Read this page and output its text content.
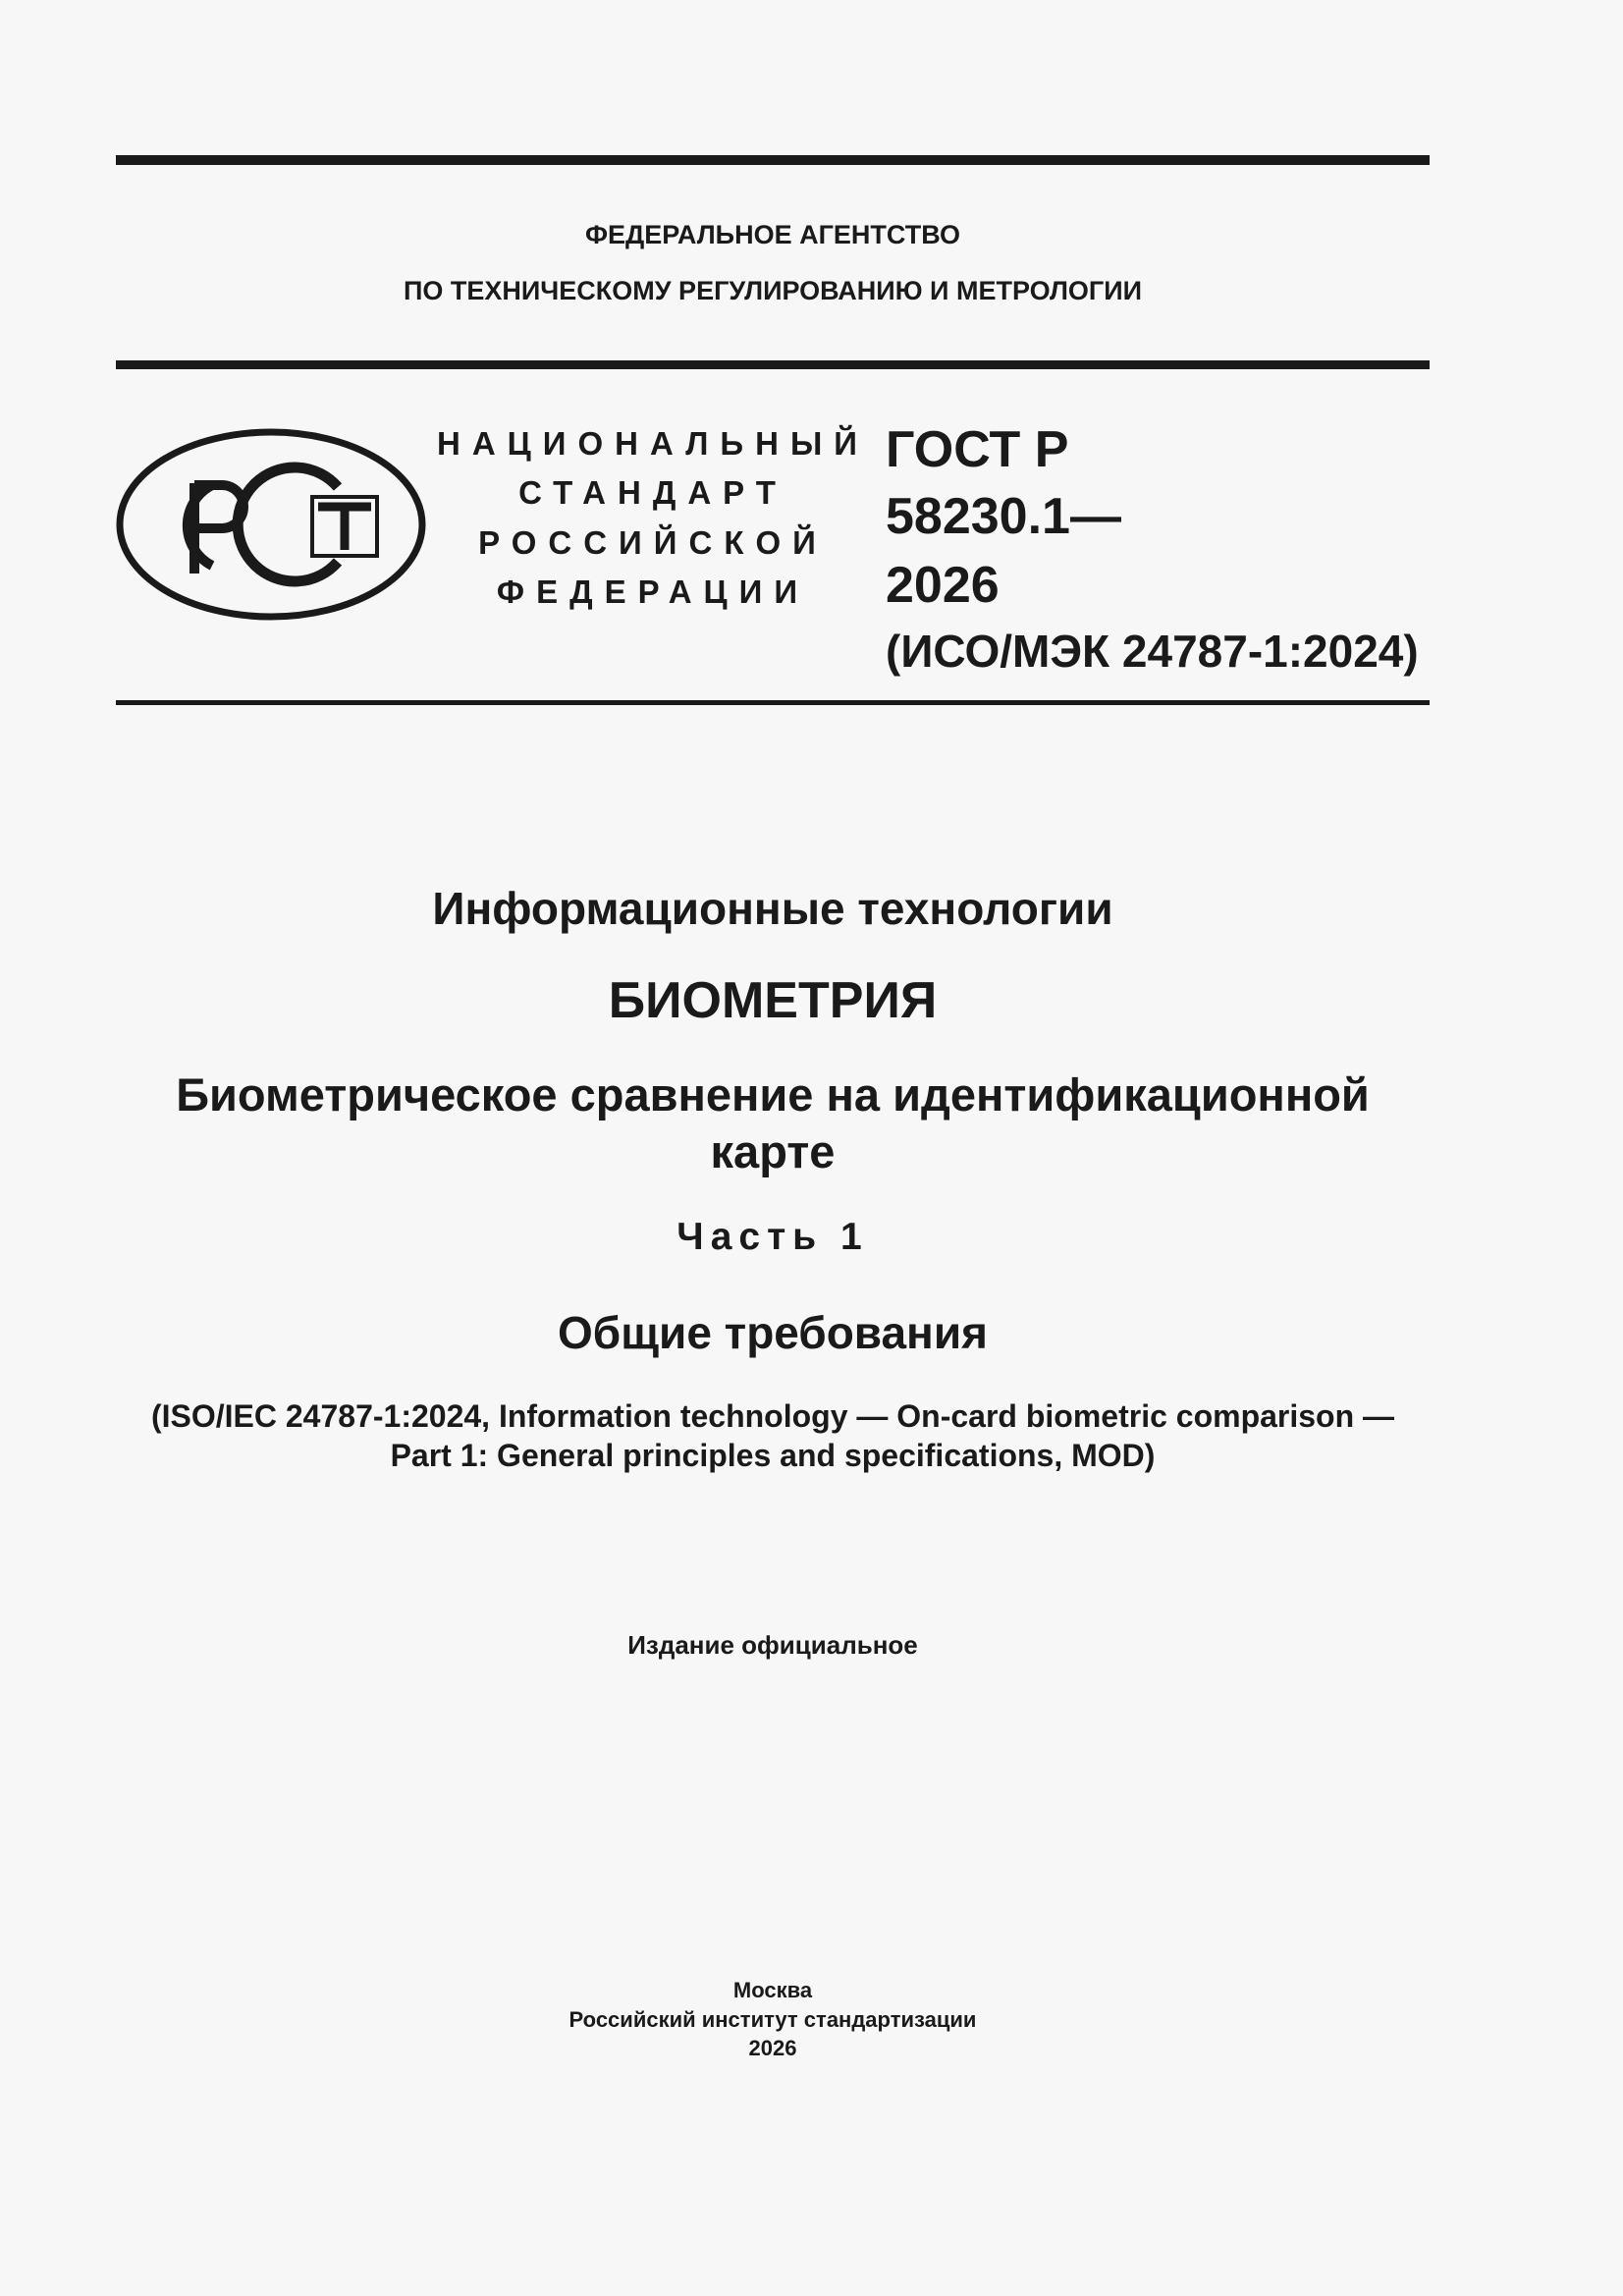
ФЕДЕРАЛЬНОЕ АГЕНТСТВО
ПО ТЕХНИЧЕСКОМУ РЕГУЛИРОВАНИЮ И МЕТРОЛОГИИ
НАЦИОНАЛЬНЫЙ
СТАНДАРТ
РОССИЙСКОЙ
ФЕДЕРАЦИИ
ГОСТ Р
58230.1—
2026
(ИСО/МЭК 24787-1:2024)
Информационные технологии
БИОМЕТРИЯ
Биометрическое сравнение на идентификационной
карте
Часть 1
Общие требования
(ISO/IEC 24787-1:2024, Information technology — On-card biometric comparison —
Part 1: General principles and specifications, MOD)
Издание официальное
Москва
Российский институт стандартизации
2026
